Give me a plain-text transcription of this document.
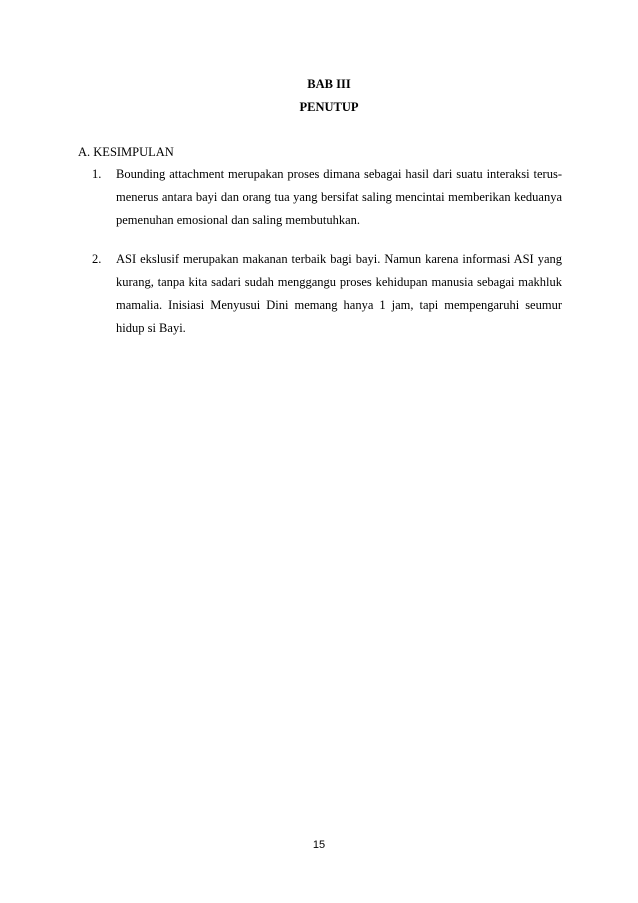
BAB III
PENUTUP
A. KESIMPULAN
1. Bounding attachment merupakan proses dimana sebagai hasil dari suatu interaksi terus-menerus antara bayi dan orang tua yang bersifat saling mencintai memberikan keduanya pemenuhan emosional dan saling membutuhkan.
2. ASI ekslusif merupakan makanan terbaik bagi bayi. Namun karena informasi ASI yang kurang, tanpa kita sadari sudah menggangu proses kehidupan manusia sebagai makhluk mamalia. Inisiasi Menyusui Dini memang hanya 1 jam, tapi mempengaruhi seumur hidup si Bayi.
15
